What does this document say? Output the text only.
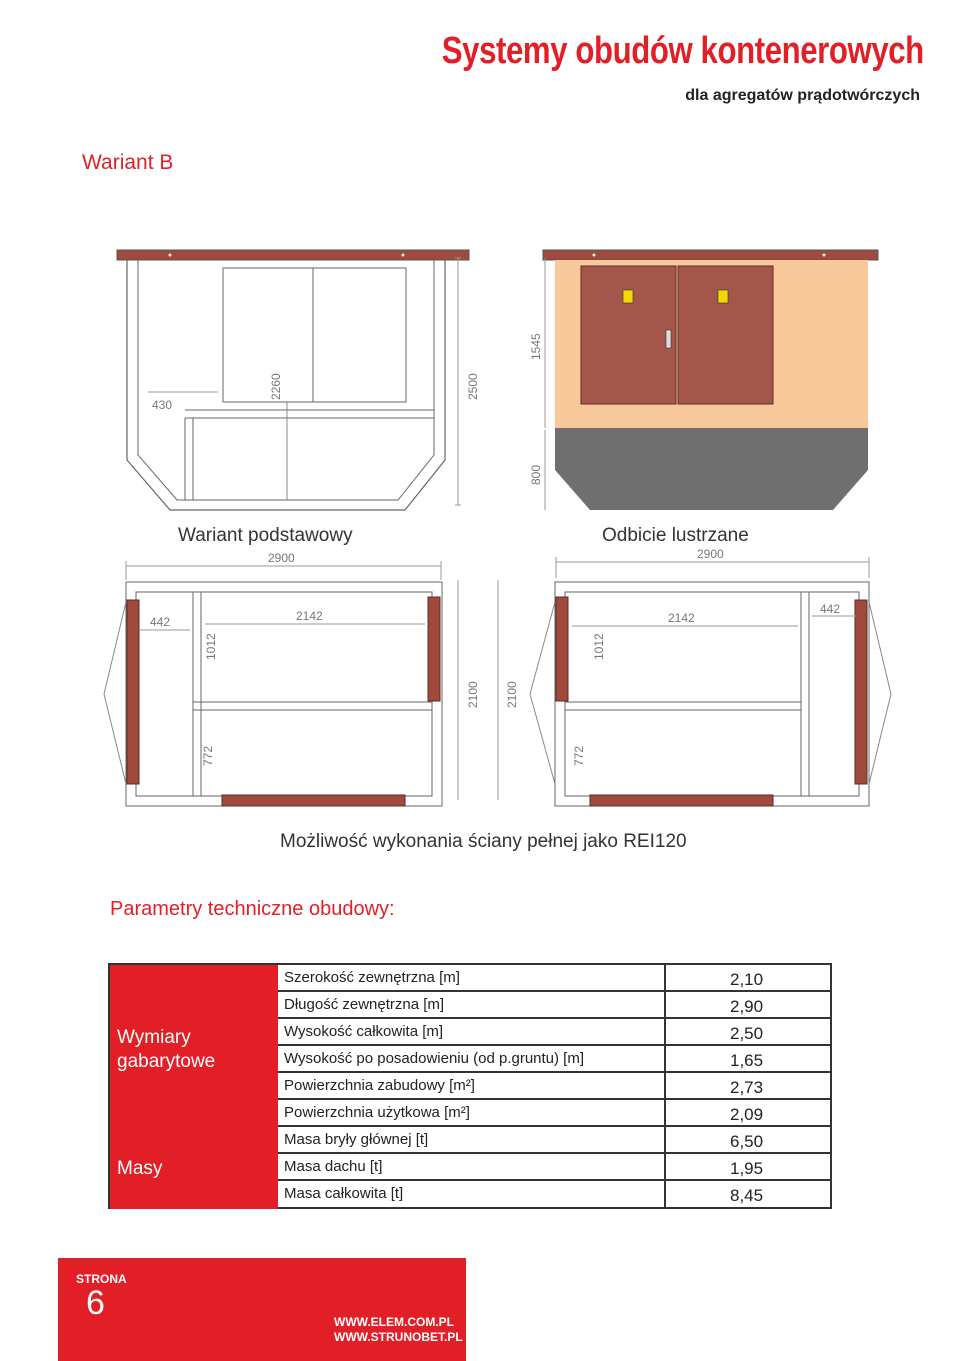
Systemy obudów kontenerowych
dla agregatów prądotwórczych
Wariant B
430
2260	2500
1545
800
2900
442	2142
1012
772
2100 2100
2900
2142
442
1012
772
Wariant podstawowy	Odbicie lustrzane
Możliwość wykonania ściany pełnej jako REI120
Parametry techniczne obudowy:
Wymiary
gabarytowe
Masy
Szerokość zewnętrzna [m]	2,10
Długość zewnętrzna [m]	2,90
Wysokość całkowita [m]	2,50
Wysokość po posadowieniu (od p.gruntu) [m]	1,65
Powierzchnia zabudowy [m²]	2,73
Powierzchnia użytkowa [m²]	2,09
Masa bryły głównej [t]	6,50
Masa dachu [t]	1,95
Masa całkowita [t]	8,45
STRONA
6	WWW.ELEM.COM.PL
WWW.STRUNOBET.PL
